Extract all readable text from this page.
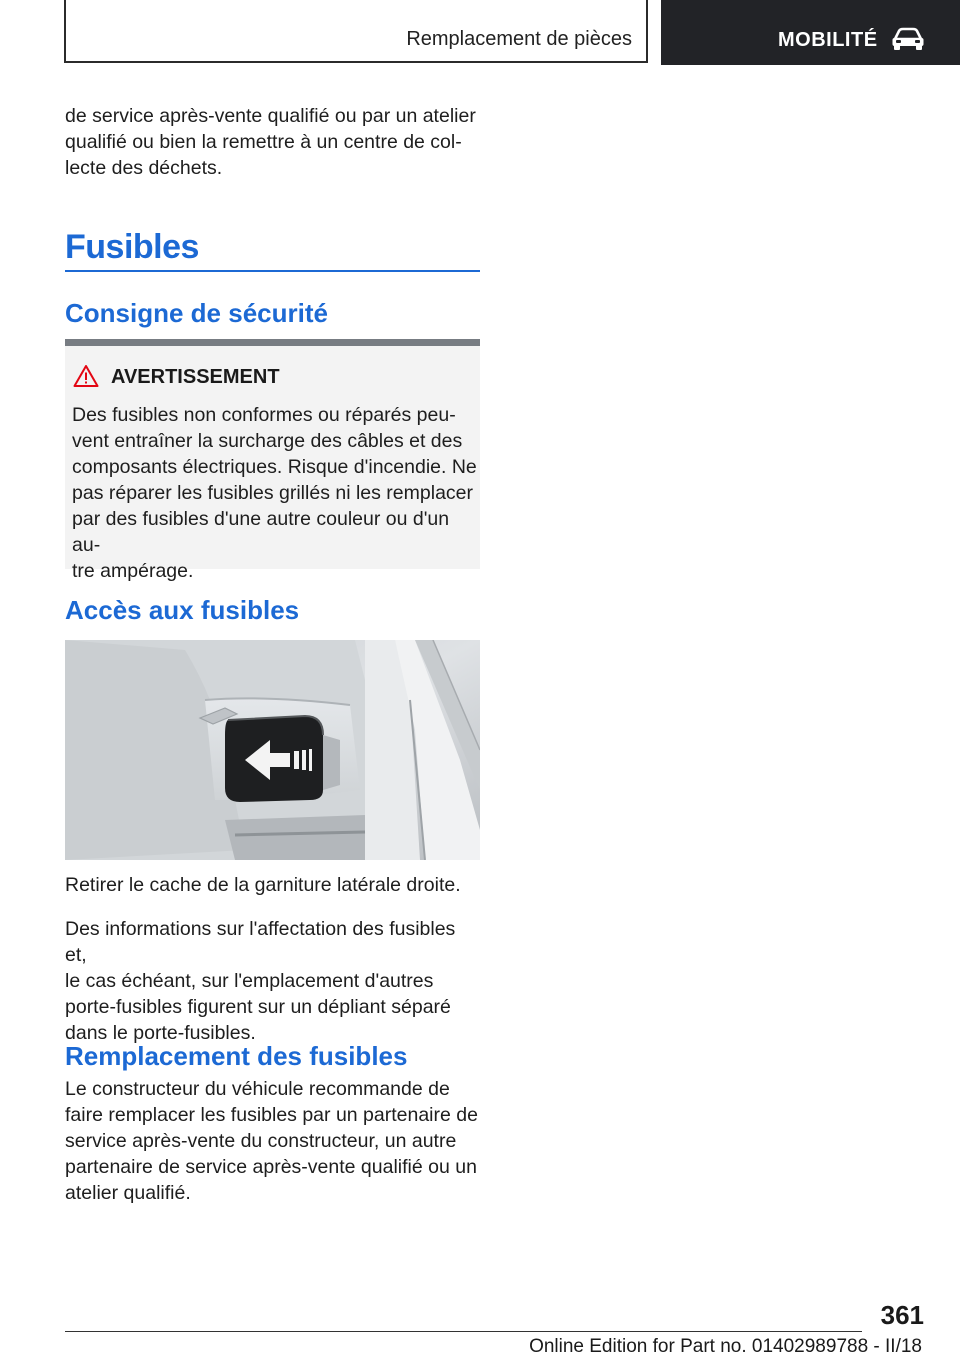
Remplacement de pièces	MOBILITÉ

de service après-vente qualifié ou par un atelier

qualifié ou bien la remettre à un centre de col-

lecte des déchets.

Fusibles
Consigne de sécurité
AVERTISSEMENT

Des fusibles non conformes ou réparés peu-

vent entraîner la surcharge des câbles et des

composants électriques. Risque d'incendie. Ne

pas réparer les fusibles grillés ni les remplacer

par des fusibles d'une autre couleur ou d'un au-

tre ampérage.

Accès aux fusibles

Retirer le cache de la garniture latérale droite.

Des informations sur l'affectation des fusibles et,

le cas échéant, sur l'emplacement d'autres

porte-fusibles figurent sur un dépliant séparé

dans le porte-fusibles.

Remplacement des fusibles

Le constructeur du véhicule recommande de

faire remplacer les fusibles par un partenaire de

service après-vente du constructeur, un autre

partenaire de service après-vente qualifié ou un

atelier qualifié.

361
Online Edition for Part no. 01402989788 - II/18
